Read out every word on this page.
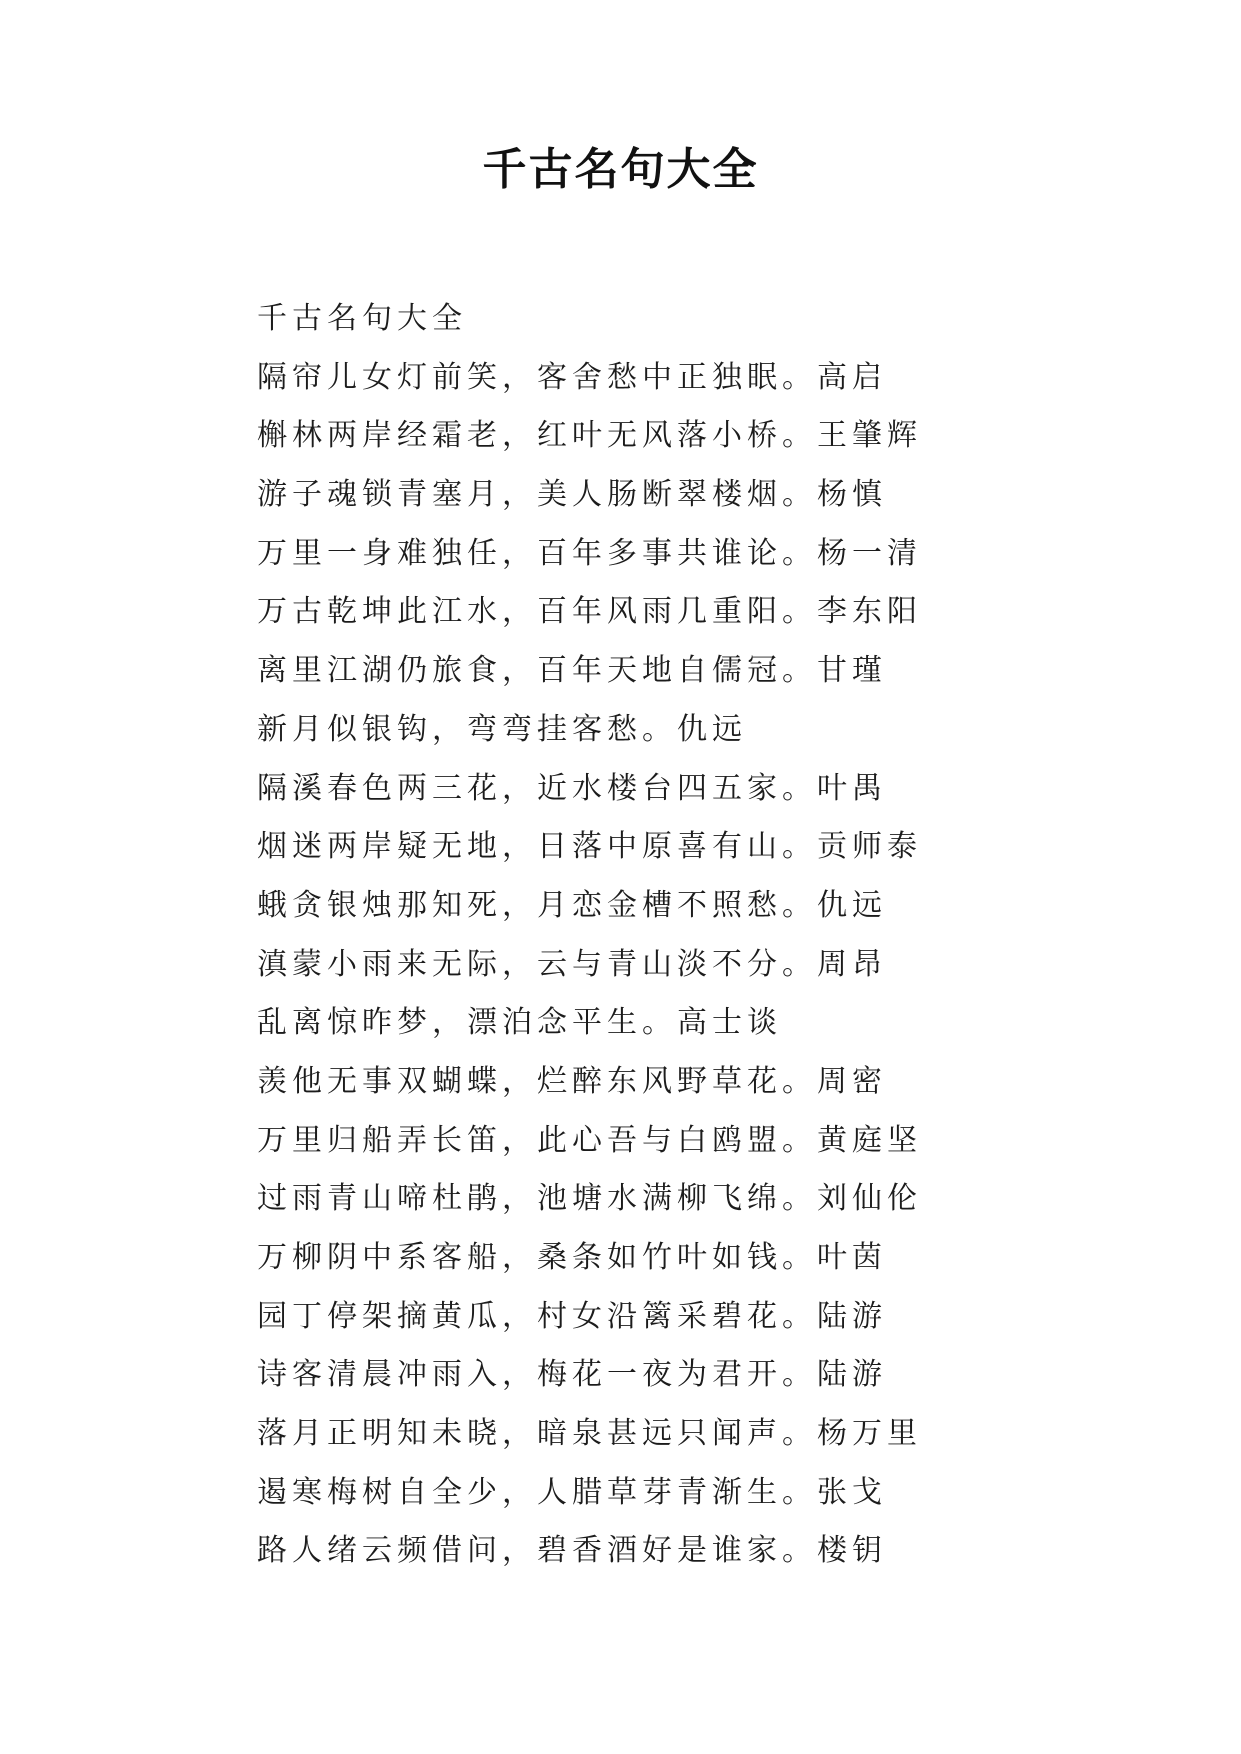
千古名句大全
千古名句大全
隔帘儿女灯前笑，客舍愁中正独眠。高启
槲林两岸经霜老，红叶无风落小桥。王肇辉
游子魂锁青塞月，美人肠断翠楼烟。杨慎
万里一身难独任，百年多事共谁论。杨一清
万古乾坤此江水，百年风雨几重阳。李东阳
离里江湖仍旅食，百年天地自儒冠。甘瑾
新月似银钩，弯弯挂客愁。仇远
隔溪春色两三花，近水楼台四五家。叶禺
烟迷两岸疑无地，日落中原喜有山。贡师泰
蛾贪银烛那知死，月恋金槽不照愁。仇远
滇蒙小雨来无际，云与青山淡不分。周昂
乱离惊昨梦，漂泊念平生。高士谈
羡他无事双蝴蝶，烂醉东风野草花。周密
万里归船弄长笛，此心吾与白鸥盟。黄庭坚
过雨青山啼杜鹃，池塘水满柳飞绵。刘仙伦
万柳阴中系客船，桑条如竹叶如钱。叶茵
园丁停架摘黄瓜，村女沿篱采碧花。陆游
诗客清晨冲雨入，梅花一夜为君开。陆游
落月正明知未晓，暗泉甚远只闻声。杨万里
遏寒梅树自全少，人腊草芽青渐生。张戈
路人绪云频借问，碧香酒好是谁家。楼钥
